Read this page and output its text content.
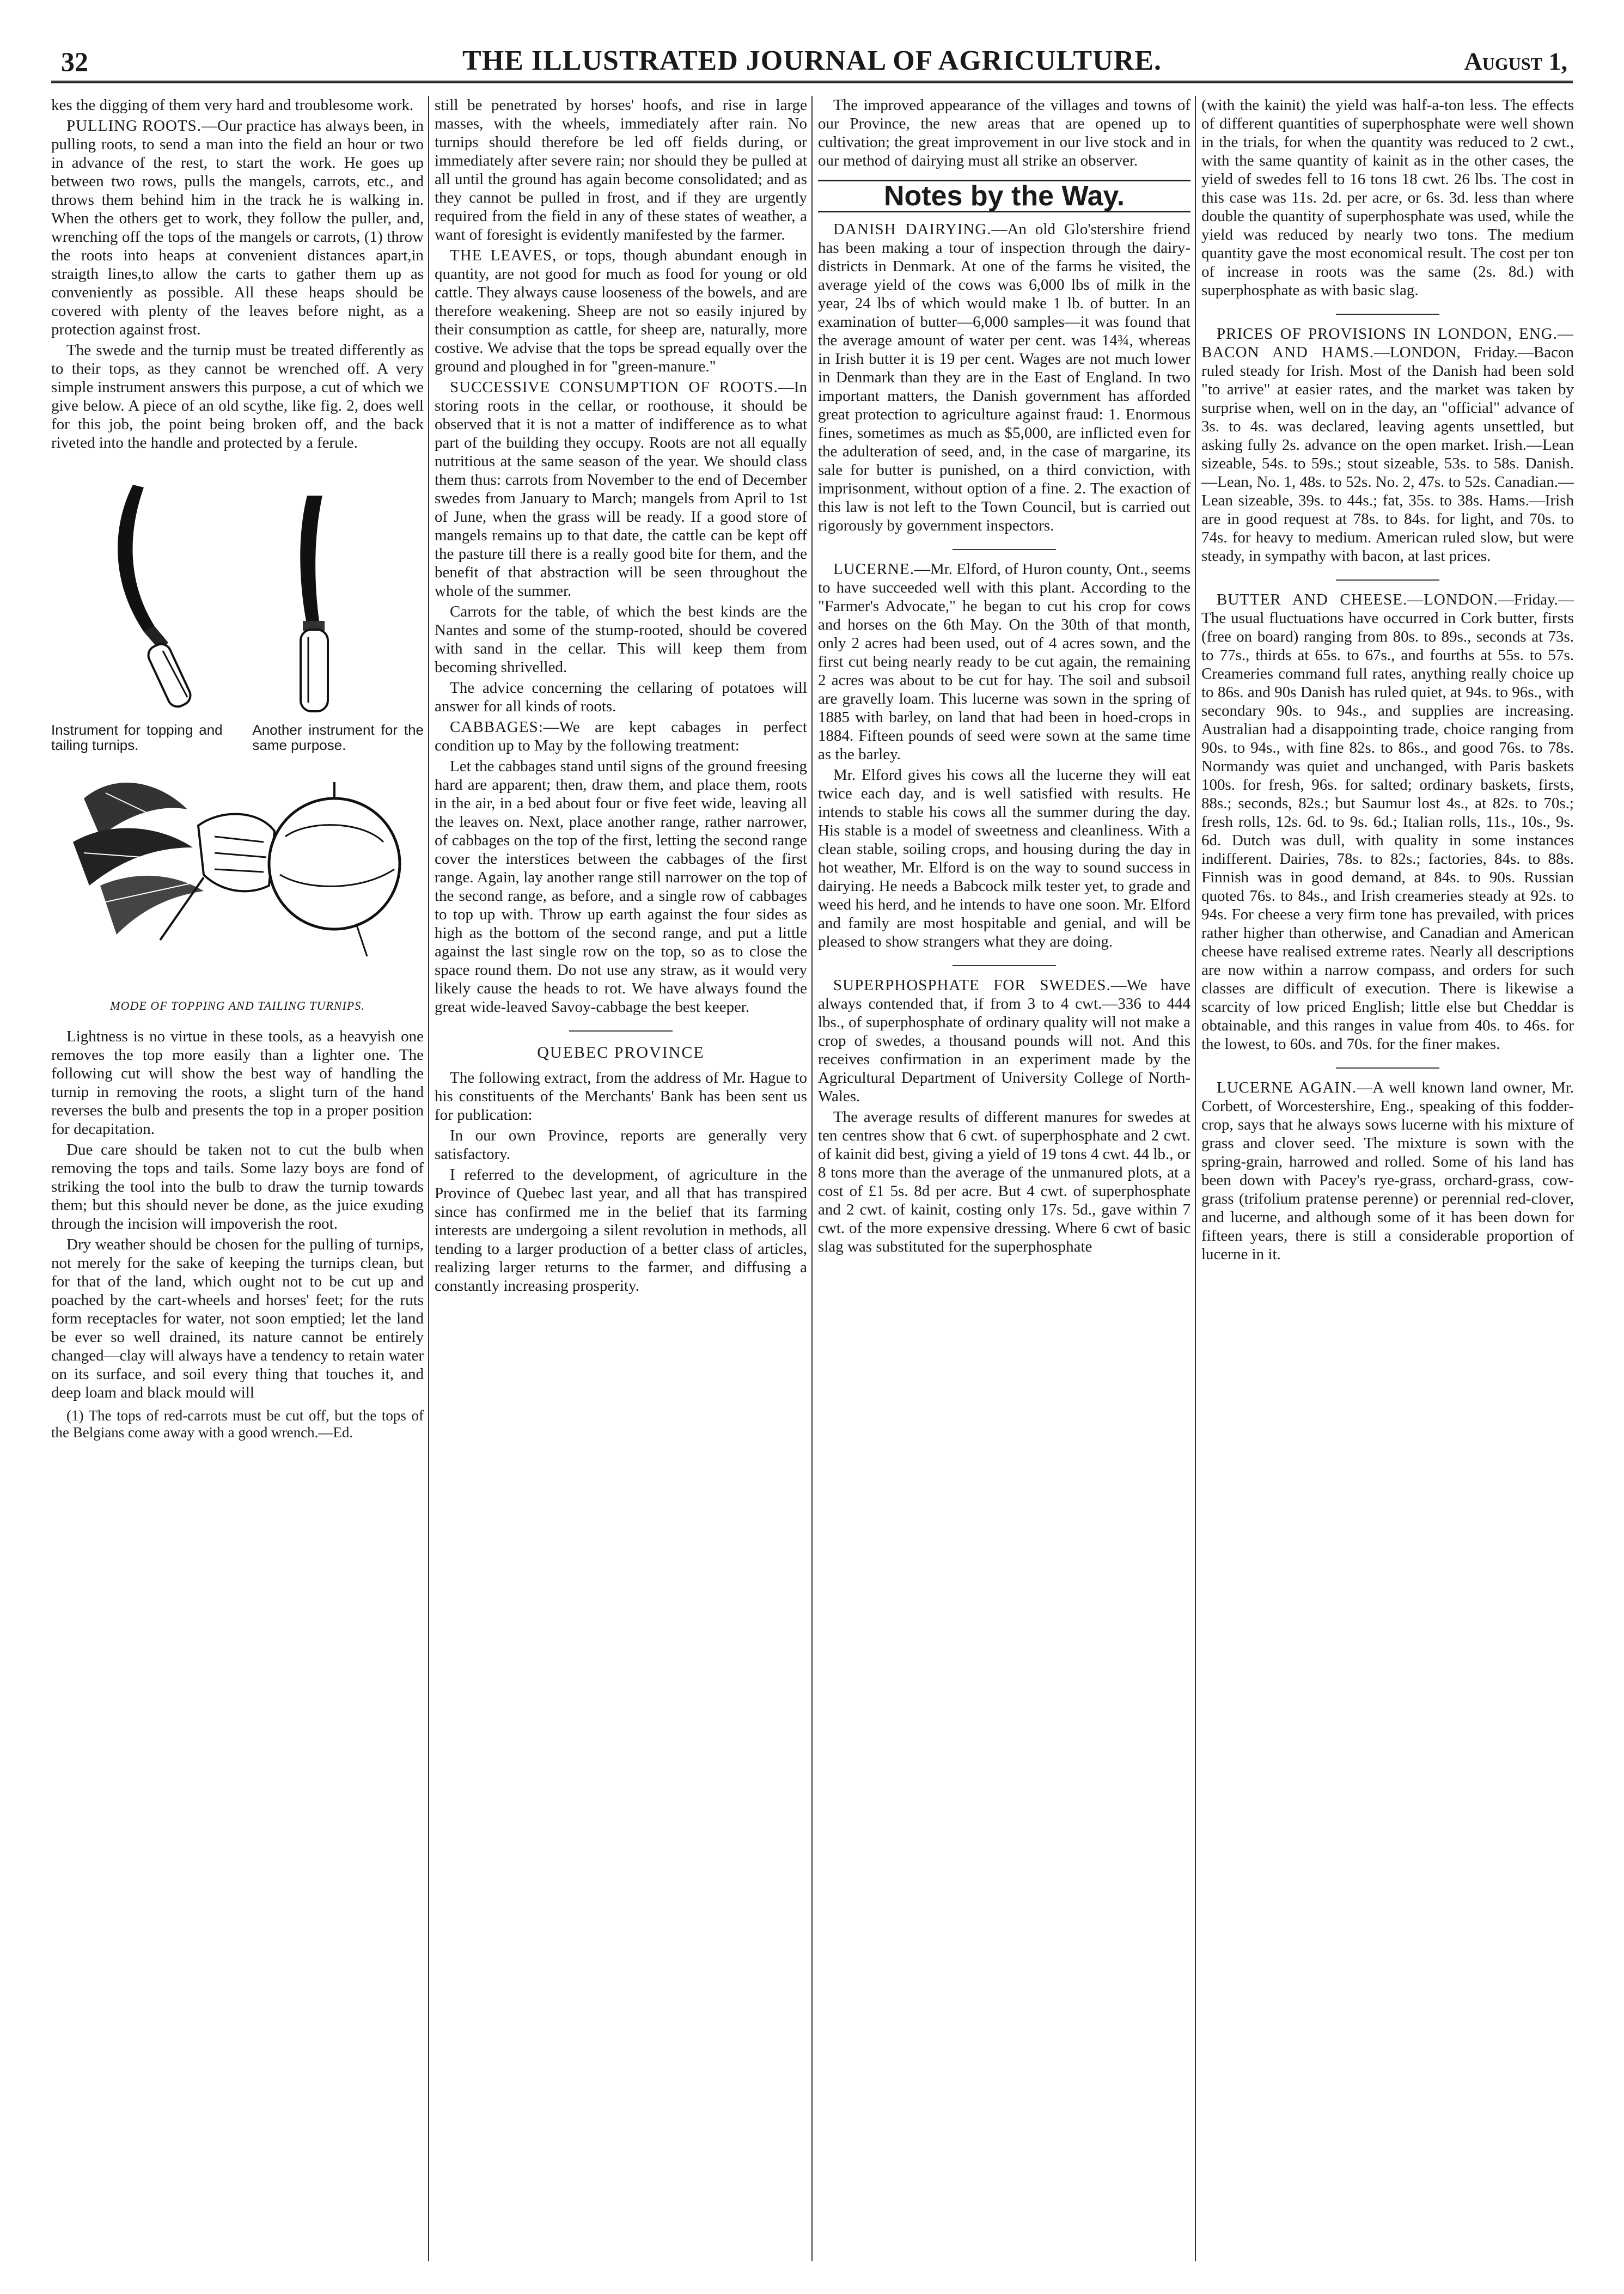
32	THE ILLUSTRATED JOURNAL OF AGRICULTURE.	August 1,

kes the digging of them very hard and troublesome work.

PULLING ROOTS.—Our practice has always been, in pulling roots, to send a man into the field an hour or two in advance of the rest, to start the work. He goes up between two rows, pulls the mangels, carrots, etc., and throws them behind him in the track he is walking in. When the others get to work, they follow the puller, and, wrenching off the tops of the mangels or carrots, (1) throw the roots into heaps at convenient distances apart,in straigth lines,to allow the carts to gather them up as conveniently as possible. All these heaps should be covered with plenty of the leaves before night, as a protection against frost.

The swede and the turnip must be treated differently as to their tops, as they cannot be wrenched off. A very simple instrument answers this purpose, a cut of which we give below. A piece of an old scythe, like fig. 2, does well for this job, the point being broken off, and the back riveted into the handle and protected by a ferule.

Instrument for topping and tailing turnips.
Another instrument for the same purpose.
MODE OF TOPPING AND TAILING TURNIPS.

Lightness is no virtue in these tools, as a heavyish one removes the top more easily than a lighter one. The following cut will show the best way of handling the turnip in removing the roots, a slight turn of the hand reverses the bulb and presents the top in a proper position for decapitation.

Due care should be taken not to cut the bulb when removing the tops and tails. Some lazy boys are fond of striking the tool into the bulb to draw the turnip towards them; but this should never be done, as the juice exuding through the incision will impoverish the root.

Dry weather should be chosen for the pulling of turnips, not merely for the sake of keeping the turnips clean, but for that of the land, which ought not to be cut up and poached by the cart-wheels and horses' feet; for the ruts form receptacles for water, not soon emptied; let the land be ever so well drained, its nature cannot be entirely changed—clay will always have a tendency to retain water on its surface, and soil every thing that touches it, and deep loam and black mould will

(1) The tops of red-carrots must be cut off, but the tops of the Belgians come away with a good wrench.—Ed.

still be penetrated by horses' hoofs, and rise in large masses, with the wheels, immediately after rain. No turnips should therefore be led off fields during, or immediately after severe rain; nor should they be pulled at all until the ground has again become consolidated; and as they cannot be pulled in frost, and if they are urgently required from the field in any of these states of weather, a want of foresight is evidently manifested by the farmer.

THE LEAVES, or tops, though abundant enough in quantity, are not good for much as food for young or old cattle. They always cause looseness of the bowels, and are therefore weakening. Sheep are not so easily injured by their consumption as cattle, for sheep are, naturally, more costive. We advise that the tops be spread equally over the ground and ploughed in for "green-manure."

SUCCESSIVE CONSUMPTION OF ROOTS.—In storing roots in the cellar, or roothouse, it should be observed that it is not a matter of indifference as to what part of the building they occupy. Roots are not all equally nutritious at the same season of the year. We should class them thus: carrots from November to the end of December swedes from January to March; mangels from April to 1st of June, when the grass will be ready. If a good store of mangels remains up to that date, the cattle can be kept off the pasture till there is a really good bite for them, and the benefit of that abstraction will be seen throughout the whole of the summer.

Carrots for the table, of which the best kinds are the Nantes and some of the stump-rooted, should be covered with sand in the cellar. This will keep them from becoming shrivelled.

The advice concerning the cellaring of potatoes will answer for all kinds of roots.

CABBAGES:—We are kept cabages in perfect condition up to May by the following treatment:

Let the cabbages stand until signs of the ground freesing hard are apparent; then, draw them, and place them, roots in the air, in a bed about four or five feet wide, leaving all the leaves on. Next, place another range, rather narrower, of cabbages on the top of the first, letting the second range cover the interstices between the cabbages of the first range. Again, lay another range still narrower on the top of the second range, as before, and a single row of cabbages to top up with. Throw up earth against the four sides as high as the bottom of the second range, and put a little against the last single row on the top, so as to close the space round them. Do not use any straw, as it would very likely cause the heads to rot. We have always found the great wide-leaved Savoy-cabbage the best keeper.

QUEBEC PROVINCE

The following extract, from the address of Mr. Hague to his constituents of the Merchants' Bank has been sent us for publication:

In our own Province, reports are generally very satisfactory.

I referred to the development, of agriculture in the Province of Quebec last year, and all that has transpired since has confirmed me in the belief that its farming interests are undergoing a silent revolution in methods, all tending to a larger production of a better class of articles, realizing larger returns to the farmer, and diffusing a constantly increasing prosperity.

The improved appearance of the villages and towns of our Province, the new areas that are opened up to cultivation; the great improvement in our live stock and in our method of dairying must all strike an observer.

Notes by the Way.

DANISH DAIRYING.—An old Glo'stershire friend has been making a tour of inspection through the dairy-districts in Denmark. At one of the farms he visited, the average yield of the cows was 6,000 lbs of milk in the year, 24 lbs of which would make 1 lb. of butter. In an examination of butter—6,000 samples—it was found that the average amount of water per cent. was 14¾, whereas in Irish butter it is 19 per cent. Wages are not much lower in Denmark than they are in the East of England. In two important matters, the Danish government has afforded great protection to agriculture against fraud: 1. Enormous fines, sometimes as much as $5,000, are inflicted even for the adulteration of seed, and, in the case of margarine, its sale for butter is punished, on a third conviction, with imprisonment, without option of a fine. 2. The exaction of this law is not left to the Town Council, but is carried out rigorously by government inspectors.

LUCERNE.—Mr. Elford, of Huron county, Ont., seems to have succeeded well with this plant. According to the "Farmer's Advocate," he began to cut his crop for cows and horses on the 6th May. On the 30th of that month, only 2 acres had been used, out of 4 acres sown, and the first cut being nearly ready to be cut again, the remaining 2 acres was about to be cut for hay. The soil and subsoil are gravelly loam. This lucerne was sown in the spring of 1885 with barley, on land that had been in hoed-crops in 1884. Fifteen pounds of seed were sown at the same time as the barley.

Mr. Elford gives his cows all the lucerne they will eat twice each day, and is well satisfied with results. He intends to stable his cows all the summer during the day. His stable is a model of sweetness and cleanliness. With a clean stable, soiling crops, and housing during the day in hot weather, Mr. Elford is on the way to sound success in dairying. He needs a Babcock milk tester yet, to grade and weed his herd, and he intends to have one soon. Mr. Elford and family are most hospitable and genial, and will be pleased to show strangers what they are doing.

SUPERPHOSPHATE FOR SWEDES.—We have always contended that, if from 3 to 4 cwt.—336 to 444 lbs., of superphosphate of ordinary quality will not make a crop of swedes, a thousand pounds will not. And this receives confirmation in an experiment made by the Agricultural Department of University College of North-Wales.

The average results of different manures for swedes at ten centres show that 6 cwt. of superphosphate and 2 cwt. of kainit did best, giving a yield of 19 tons 4 cwt. 44 lb., or 8 tons more than the average of the unmanured plots, at a cost of £1 5s. 8d per acre. But 4 cwt. of superphosphate and 2 cwt. of kainit, costing only 17s. 5d., gave within 7 cwt. of the more expensive dressing. Where 6 cwt of basic slag was substituted for the superphosphate

(with the kainit) the yield was half-a-ton less. The effects of different quantities of superphosphate were well shown in the trials, for when the quantity was reduced to 2 cwt., with the same quantity of kainit as in the other cases, the yield of swedes fell to 16 tons 18 cwt. 26 lbs. The cost in this case was 11s. 2d. per acre, or 6s. 3d. less than where double the quantity of superphosphate was used, while the yield was reduced by nearly two tons. The medium quantity gave the most economical result. The cost per ton of increase in roots was the same (2s. 8d.) with superphosphate as with basic slag.

PRICES OF PROVISIONS IN LONDON, ENG.—BACON AND HAMS.—LONDON, Friday.—Bacon ruled steady for Irish. Most of the Danish had been sold "to arrive" at easier rates, and the market was taken by surprise when, well on in the day, an "official" advance of 3s. to 4s. was declared, leaving agents unsettled, but asking fully 2s. advance on the open market. Irish.—Lean sizeable, 54s. to 59s.; stout sizeable, 53s. to 58s. Danish.—Lean, No. 1, 48s. to 52s. No. 2, 47s. to 52s. Canadian.—Lean sizeable, 39s. to 44s.; fat, 35s. to 38s. Hams.—Irish are in good request at 78s. to 84s. for light, and 70s. to 74s. for heavy to medium. American ruled slow, but were steady, in sympathy with bacon, at last prices.

BUTTER AND CHEESE.—LONDON.—Friday.—The usual fluctuations have occurred in Cork butter, firsts (free on board) ranging from 80s. to 89s., seconds at 73s. to 77s., thirds at 65s. to 67s., and fourths at 55s. to 57s. Creameries command full rates, anything really choice up to 86s. and 90s Danish has ruled quiet, at 94s. to 96s., with secondary 90s. to 94s., and supplies are increasing. Australian had a disappointing trade, choice ranging from 90s. to 94s., with fine 82s. to 86s., and good 76s. to 78s. Normandy was quiet and unchanged, with Paris baskets 100s. for fresh, 96s. for salted; ordinary baskets, firsts, 88s.; seconds, 82s.; but Saumur lost 4s., at 82s. to 70s.; fresh rolls, 12s. 6d. to 9s. 6d.; Italian rolls, 11s., 10s., 9s. 6d. Dutch was dull, with quality in some instances indifferent. Dairies, 78s. to 82s.; factories, 84s. to 88s. Finnish was in good demand, at 84s. to 90s. Russian quoted 76s. to 84s., and Irish creameries steady at 92s. to 94s. For cheese a very firm tone has prevailed, with prices rather higher than otherwise, and Canadian and American cheese have realised extreme rates. Nearly all descriptions are now within a narrow compass, and orders for such classes are difficult of execution. There is likewise a scarcity of low priced English; little else but Cheddar is obtainable, and this ranges in value from 40s. to 46s. for the lowest, to 60s. and 70s. for the finer makes.

LUCERNE AGAIN.—A well known land owner, Mr. Corbett, of Worcestershire, Eng., speaking of this fodder-crop, says that he always sows lucerne with his mixture of grass and clover seed. The mixture is sown with the spring-grain, harrowed and rolled. Some of his land has been down with Pacey's rye-grass, orchard-grass, cow-grass (trifolium pratense perenne) or perennial red-clover, and lucerne, and although some of it has been down for fifteen years, there is still a considerable proportion of lucerne in it.
